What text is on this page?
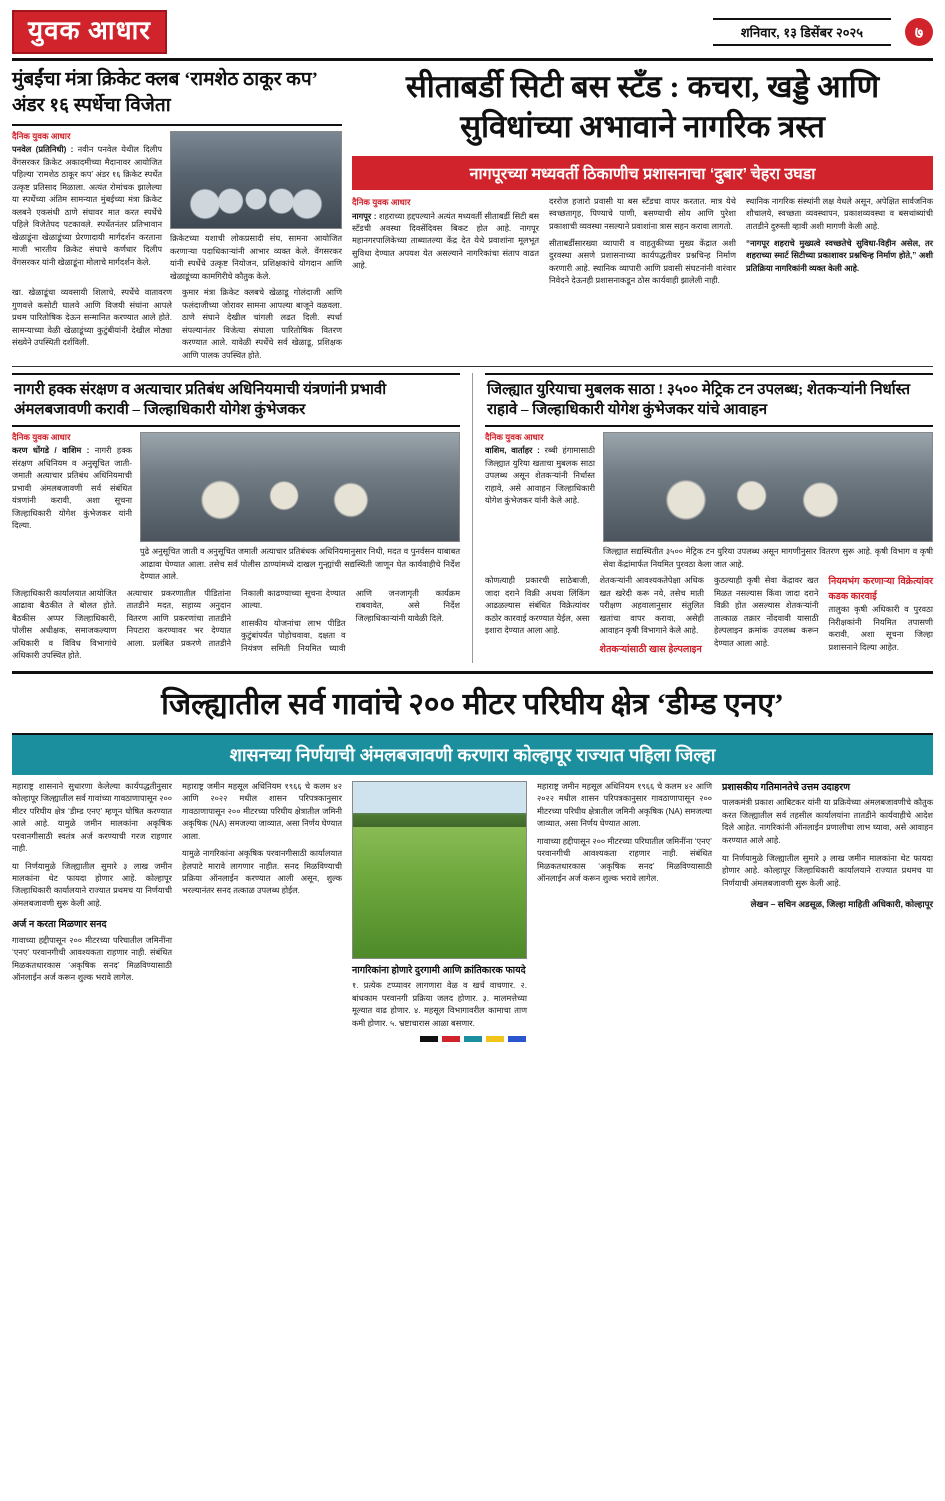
युवक आधार	शनिवार, १३ डिसेंबर २०२५	७
मुंबईंचा मंत्रा क्रिकेट क्लब ‘रामशेठ ठाकूर कप’ अंडर १६ स्पर्धेचा विजेता
दैनिक युवक आधार
पनवेल (प्रतिनिधी) : नवीन पनवेल येथील दिलीप वेंगसरकर क्रिकेट अकादमीच्या मैदानावर आयोजित पहिल्या ‘रामशेठ ठाकूर कप’ अंडर १६ क्रिकेट स्पर्धेत उत्कृष्ट प्रतिसाद मिळाला. अत्यंत रोमांचक झालेल्या या स्पर्धेच्या अंतिम सामन्यात मुंबईच्या मंत्रा क्रिकेट क्लबने एकसंधी ठाणे संघावर मात करत स्पर्धेचे पहिले विजेतेपद पटकावले. स्पर्धेतनंतर प्रतिभावान खेळाडूंना खेळाडूंच्या प्रेरणादायी मार्गदर्शन करताना माजी भारतीय क्रिकेट संघाचे कर्णधार दिलीप वेंगसरकर यांनी खेळाडूंना मोलाचे मार्गदर्शन केले.
क्रिकेटच्या यशाची लोकप्रसादी संघ, सामना आयोजित करणाऱ्या पदाधिकाऱ्यांनी आभार व्यक्त केले. वेंगसरकर यांनी स्पर्धेचे उत्कृष्ट नियोजन, प्रशिक्षकांचे योगदान आणि खेळाडूंच्या कामगिरीचे कौतुक केले.

खा. खेळाडूंचा व्यवसायी शिलाचे, स्पर्धेचे वातावरण गुणवत्ते कसोटी घालवे आणि विजयी संघांना आपले प्रथम पारितोषिक देऊन सन्मानित करण्यात आले होते. सामन्याच्या वेळी खेळाडूंच्या कुटुंबीयांनी देखील मोठ्या संख्येने उपस्थिती दर्शविली.

कुमार मंत्रा क्रिकेट क्लबचे खेळाडू गोलंदाजी आणि फलंदाजीच्या जोरावर सामना आपल्या बाजूने वळवला. ठाणे संघाने देखील चांगली लढत दिली. स्पर्धा संपल्यानंतर विजेत्या संघाला पारितोषिक वितरण करण्यात आले. यावेळी स्पर्धेचे सर्व खेळाडू, प्रशिक्षक आणि पालक उपस्थित होते.

सीताबर्डी सिटी बस स्टॅंड : कचरा, खड्डे आणि सुविधांच्या अभावाने नागरिक त्रस्त
नागपूरच्या मध्यवर्ती ठिकाणीच प्रशासनाचा ‘दुबार’ चेहरा उघडा
दैनिक युवक आधार

नागपूर : शहराच्या हद्दपल्याने अत्यंत मध्यवर्ती सीताबर्डी सिटी बस स्टॅंडची अवस्था दिवसेंदिवस बिकट होत आहे. नागपूर महानगरपालिकेच्या ताब्यातल्या केंद्र देत येथे प्रवाशांना मूलभूत सुविधा देण्यात अपयश येत असल्याने नागरिकांचा संताप वाढत आहे.

दररोज हजारो प्रवासी या बस स्टॅंडचा वापर करतात. मात्र येथे स्वच्छतागृह, पिण्याचे पाणी, बसण्याची सोय आणि पुरेशा प्रकाशाची व्यवस्था नसल्याने प्रवाशांना त्रास सहन करावा लागतो.

सीताबर्डीसारख्या व्यापारी व वाहतुकीच्या मुख्य केंद्रात अशी दुरवस्था असणे प्रशासनाच्या कार्यपद्धतीवर प्रश्नचिन्ह निर्माण करणारी आहे. स्थानिक व्यापारी आणि प्रवासी संघटनांनी वारंवार निवेदने देऊनही प्रशासनाकडून ठोस कार्यवाही झालेली नाही.

स्थानिक नागरिक संस्थांनी लक्ष वेधले असून, अपेक्षित सार्वजनिक शौचालये, स्वच्छता व्यवस्थापन, प्रकाशव्यवस्था व बसथांब्यांची तातडीने दुरुस्ती व्हावी अशी मागणी केली आहे.

“नागपूर शहराचे मुख्यत्वे स्वच्छतेचे सुविधा-विहीन असेल, तर शहराच्या स्मार्ट सिटीच्या प्रकाशावर प्रश्नचिन्ह निर्माण होते,” अशी प्रतिक्रिया नागरिकांनी व्यक्त केली आहे.

नागरी हक्क संरक्षण व अत्याचार प्रतिबंध अधिनियमाची यंत्रणांनी प्रभावी अंमलबजावणी करावी – जिल्हाधिकारी योगेश कुंभेजकर
दैनिक युवक आधार
करण धोंगडे / वाशिम : नागरी हक्क संरक्षण अधिनियम व अनुसूचित जाती-जमाती अत्याचार प्रतिबंध अधिनियमाची प्रभावी अंमलबजावणी सर्व संबंधित यंत्रणांनी करावी, अशा सूचना जिल्हाधिकारी योगेश कुंभेजकर यांनी दिल्या.
पुढे अनुसूचित जाती व अनुसूचित जमाती अत्याचार प्रतिबंधक अधिनियमानुसार निधी, मदत व पुनर्वसन याबाबत आढावा घेण्यात आला. तसेच सर्व पोलीस ठाण्यांमध्ये दाखल गुन्ह्यांची सद्यस्थिती जाणून घेत कार्यवाहीचे निर्देश देण्यात आले.

जिल्हाधिकारी कार्यालयात आयोजित आढावा बैठकीत ते बोलत होते. बैठकीस अप्पर जिल्हाधिकारी, पोलीस अधीक्षक, समाजकल्याण अधिकारी व विविध विभागांचे अधिकारी उपस्थित होते.

अत्याचार प्रकरणातील पीडितांना तातडीने मदत, सहाय्य अनुदान वितरण आणि प्रकरणांचा तातडीने निपटारा करण्यावर भर देण्यात आला. प्रलंबित प्रकरणे तातडीने निकाली काढण्याच्या सूचना देण्यात आल्या.

शासकीय योजनांचा लाभ पीडित कुटुंबांपर्यंत पोहोचवावा, दक्षता व नियंत्रण समिती नियमित घ्यावी आणि जनजागृती कार्यक्रम राबवावेत, असे निर्देश जिल्हाधिकाऱ्यांनी यावेळी दिले.

जिल्ह्यात युरियाचा मुबलक साठा ! ३५०० मेट्रिक टन उपलब्ध; शेतकऱ्यांनी निर्धास्त राहावे – जिल्हाधिकारी योगेश कुंभेजकर यांचे आवाहन
दैनिक युवक आधार
वाशिम, वार्ताहर : रब्बी हंगामासाठी जिल्ह्यात युरिया खताचा मुबलक साठा उपलब्ध असून शेतकऱ्यांनी निर्धास्त राहावे, असे आवाहन जिल्हाधिकारी योगेश कुंभेजकर यांनी केले आहे.
जिल्ह्यात सद्यस्थितीत ३५०० मेट्रिक टन युरिया उपलब्ध असून मागणीनुसार वितरण सुरू आहे. कृषी विभाग व कृषी सेवा केंद्रांमार्फत नियमित पुरवठा केला जात आहे.

कोणत्याही प्रकारची साठेबाजी, जादा दराने विक्री अथवा लिंकिंग आढळल्यास संबंधित विक्रेत्यांवर कठोर कारवाई करण्यात येईल, असा इशारा देण्यात आला आहे.

शेतकऱ्यांनी आवश्यकतेपेक्षा अधिक खत खरेदी करू नये, तसेच माती परीक्षण अहवालानुसार संतुलित खतांचा वापर करावा, असेही आवाहन कृषी विभागाने केले आहे.

शेतकऱ्यांसाठी खास हेल्पलाइन

कुठल्याही कृषी सेवा केंद्रावर खत मिळत नसल्यास किंवा जादा दराने विक्री होत असल्यास शेतकऱ्यांनी तात्काळ तक्रार नोंदवावी यासाठी हेल्पलाइन क्रमांक उपलब्ध करून देण्यात आला आहे.

नियमभंग करणाऱ्या विक्रेत्यांवर कडक कारवाई

तालुका कृषी अधिकारी व पुरवठा निरीक्षकांनी नियमित तपासणी करावी, अशा सूचना जिल्हा प्रशासनाने दिल्या आहेत.

जिल्ह्यातील सर्व गावांचे २०० मीटर परिघीय क्षेत्र ‘डीम्ड एनए’
शासनच्या निर्णयाची अंमलबजावणी करणारा कोल्हापूर राज्यात पहिला जिल्हा

महाराष्ट्र शासनाने सुधारणा केलेल्या कार्यपद्धतीनुसार कोल्हापूर जिल्ह्यातील सर्व गावांच्या गावठाणापासून २०० मीटर परिघीय क्षेत्र ‘डीम्ड एनए’ म्हणून घोषित करण्यात आले आहे. यामुळे जमीन मालकांना अकृषिक परवानगीसाठी स्वतंत्र अर्ज करण्याची गरज राहणार नाही.

या निर्णयामुळे जिल्ह्यातील सुमारे ३ लाख जमीन मालकांना थेट फायदा होणार आहे. कोल्हापूर जिल्हाधिकारी कार्यालयाने राज्यात प्रथमच या निर्णयाची अंमलबजावणी सुरू केली आहे.

अर्ज न करता मिळणार सनद

गावाच्या हद्दीपासून २०० मीटरच्या परिघातील जमिनींना ‘एनए’ परवानगीची आवश्यकता राहणार नाही. संबंधित मिळकतधारकास ‘अकृषिक सनद’ मिळविण्यासाठी ऑनलाईन अर्ज करून शुल्क भरावे लागेल.

महाराष्ट्र जमीन महसूल अधिनियम १९६६ चे कलम ४२ आणि २०२२ मधील शासन परिपत्रकानुसार गावठाणापासून २०० मीटरच्या परिघीय क्षेत्रातील जमिनी अकृषिक (NA) समजल्या जाव्यात, असा निर्णय घेण्यात आला.

यामुळे नागरिकांना अकृषिक परवानगीसाठी कार्यालयात हेलपाटे मारावे लागणार नाहीत. सनद मिळविण्याची प्रक्रिया ऑनलाईन करण्यात आली असून, शुल्क भरल्यानंतर सनद तत्काळ उपलब्ध होईल.

नागरिकांना होणारे दुरगामी आणि क्रांतिकारक फायदे

१. प्रत्येक टप्प्यावर लागणारा वेळ व खर्च वाचणार. २. बांधकाम परवानगी प्रक्रिया जलद होणार. ३. मालमत्तेच्या मूल्यात वाढ होणार. ४. महसूल विभागावरील कामाचा ताण कमी होणार. ५. भ्रष्टाचारास आळा बसणार.

महाराष्ट्र जमीन महसूल अधिनियम १९६६ चे कलम ४२ आणि २०२२ मधील शासन परिपत्रकानुसार गावठाणापासून २०० मीटरच्या परिघीय क्षेत्रातील जमिनी अकृषिक (NA) समजल्या जाव्यात, असा निर्णय घेण्यात आला.

गावाच्या हद्दीपासून २०० मीटरच्या परिघातील जमिनींना ‘एनए’ परवानगीची आवश्यकता राहणार नाही. संबंधित मिळकतधारकास ‘अकृषिक सनद’ मिळविण्यासाठी ऑनलाईन अर्ज करून शुल्क भरावे लागेल.

प्रशासकीय गतिमानतेचे उत्तम उदाहरण

पालकमंत्री प्रकाश आबिटकर यांनी या प्रक्रियेच्या अंमलबजावणीचे कौतुक करत जिल्ह्यातील सर्व तहसील कार्यालयांना तातडीने कार्यवाहीचे आदेश दिले आहेत. नागरिकांनी ऑनलाईन प्रणालीचा लाभ घ्यावा, असे आवाहन करण्यात आले आहे.

या निर्णयामुळे जिल्ह्यातील सुमारे ३ लाख जमीन मालकांना थेट फायदा होणार आहे. कोल्हापूर जिल्हाधिकारी कार्यालयाने राज्यात प्रथमच या निर्णयाची अंमलबजावणी सुरू केली आहे.

लेखन – सचिन अडसूळ, जिल्हा माहिती अधिकारी, कोल्हापूर
